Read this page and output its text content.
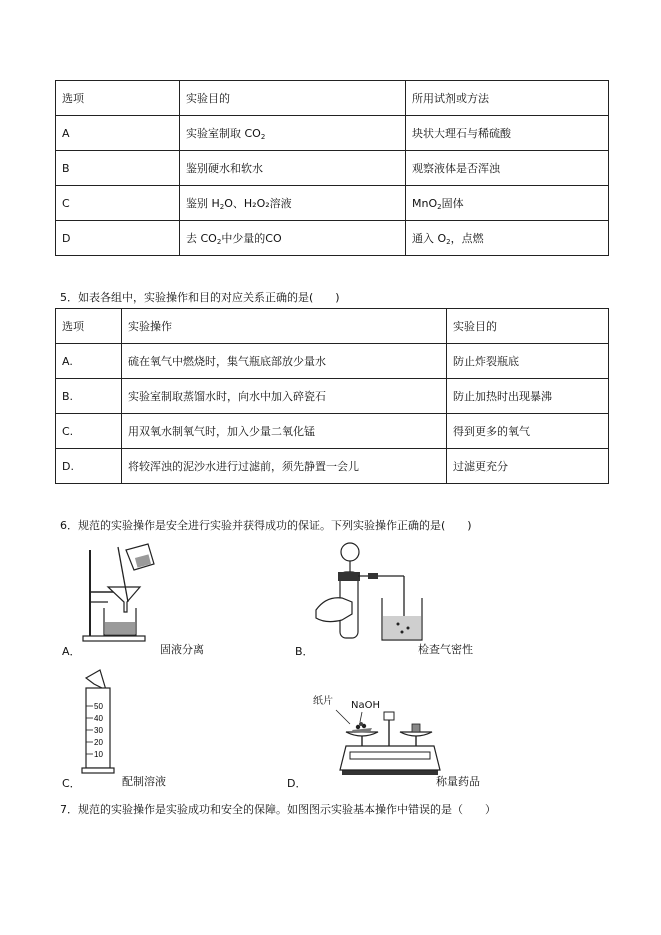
选项	实验目的	所用试剂或方法
A	实验室制取 $CO_2$	块状大理石与稀硫酸
B	鉴别硬水和软水	观察液体是否浑浊
C	鉴别 $H_2O$、H₂O₂溶液	MnO$_2$固体
D	去 $CO_2$中少量的CO	通入 $O_2$，点燃
5．如表各组中，实验操作和目的对应关系正确的是(　　)
选项	实验操作	实验目的
A.	硫在氧气中燃烧时，集气瓶底部放少量水	防止炸裂瓶底
B.	实验室制取蒸馏水时，向水中加入碎瓷石	防止加热时出现暴沸
C.	用双氧水制氧气时，加入少量二氧化锰	得到更多的氧气
D.	将较浑浊的泥沙水进行过滤前，须先静置一会儿	过滤更充分
6．规范的实验操作是安全进行实验并获得成功的保证。下列实验操作正确的是(　　)
A．	固液分离	B．	检查气密性
50
40
30
20
10
C．	配制溶液
纸片 NaOH
D．	称量药品
7．规范的实验操作是实验成功和安全的保障。如图图示实验基本操作中错误的是（　　）
